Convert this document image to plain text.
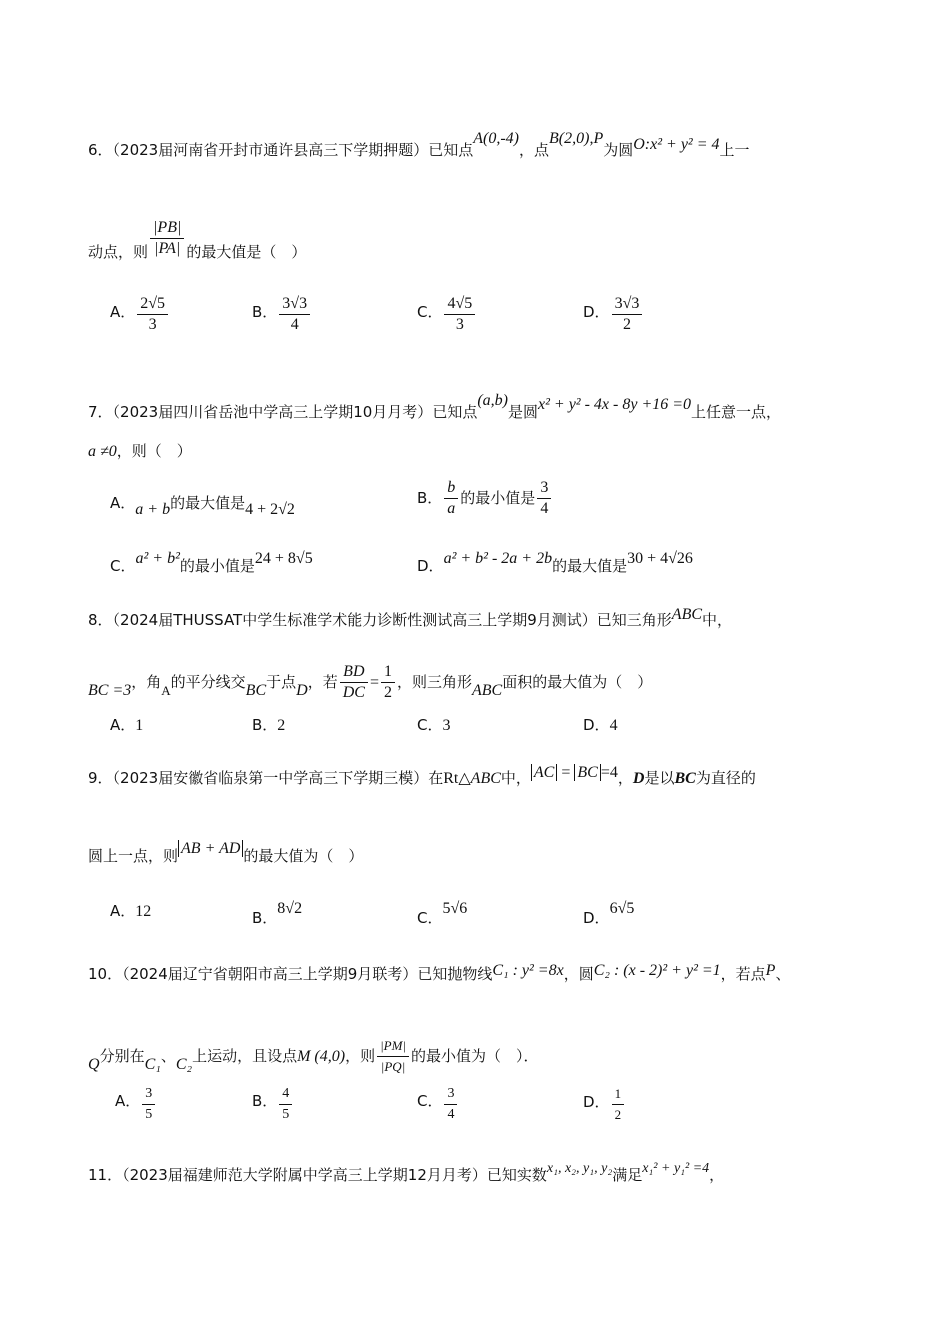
6．（2023届河南省开封市通许县高三下学期押题）已知点A(0,-4)，点B(2,0),P为圆O:x² + y² = 4上一
动点，则 $\frac{|PB|}{|PA|}$ 的最大值是（　）
A． $\frac{2√5}{3}$	B． $\frac{3√3}{4}$	C． $\frac{4√5}{3}$	D． $\frac{3√3}{2}$
7．（2023届四川省岳池中学高三上学期10月月考）已知点(a,b)是圆x² + y² - 4x - 8y +16 =0上任意一点，
a ≠0，则（　）
A．a + b的最大值是4 + 2√2
B． $\frac{b}{a}$ 的最小值是 $\frac{3}{4}$
C．a² + b²的最小值是24 + 8√5	D．a² + b² - 2a + 2b的最大值是30 + 4√26
8．（2024届THUSSAT中学生标准学术能力诊断性测试高三上学期9月测试）已知三角形ABC中，
BC =3，角A的平分线交BC于点D，若 $\frac{BD}{DC} = \frac{1}{2}$ ，则三角形ABC面积的最大值为（　）
A．1	B．2	C．3	D．4
9．（2023届安徽省临泉第一中学高三下学期三模）在Rt△ABC中， AC = BC =4，D是以BC为直径的
圆上一点，则 AB + AD 的最大值为（　）
A．12	B．8√2
C．5√6
D．6√5
10．（2024届辽宁省朝阳市高三上学期9月联考）已知抛物线C₁ : y² =8x，圆C₂ : (x - 2)² + y² =1，若点P、
Q分别在C₁、C₂上运动，且设点M (4,0)，则 $\frac{|PM|}{|PQ|}$ 的最小值为（　）．
A． $\frac{3}{5}$	B． $\frac{4}{5}$	C． $\frac{3}{4}$	D． $\frac{1}{2}$
11．（2023届福建师范大学附属中学高三上学期12月月考）已知实数x₁, x₂, y₁, y₂满足x₁² + y₁² =4，
